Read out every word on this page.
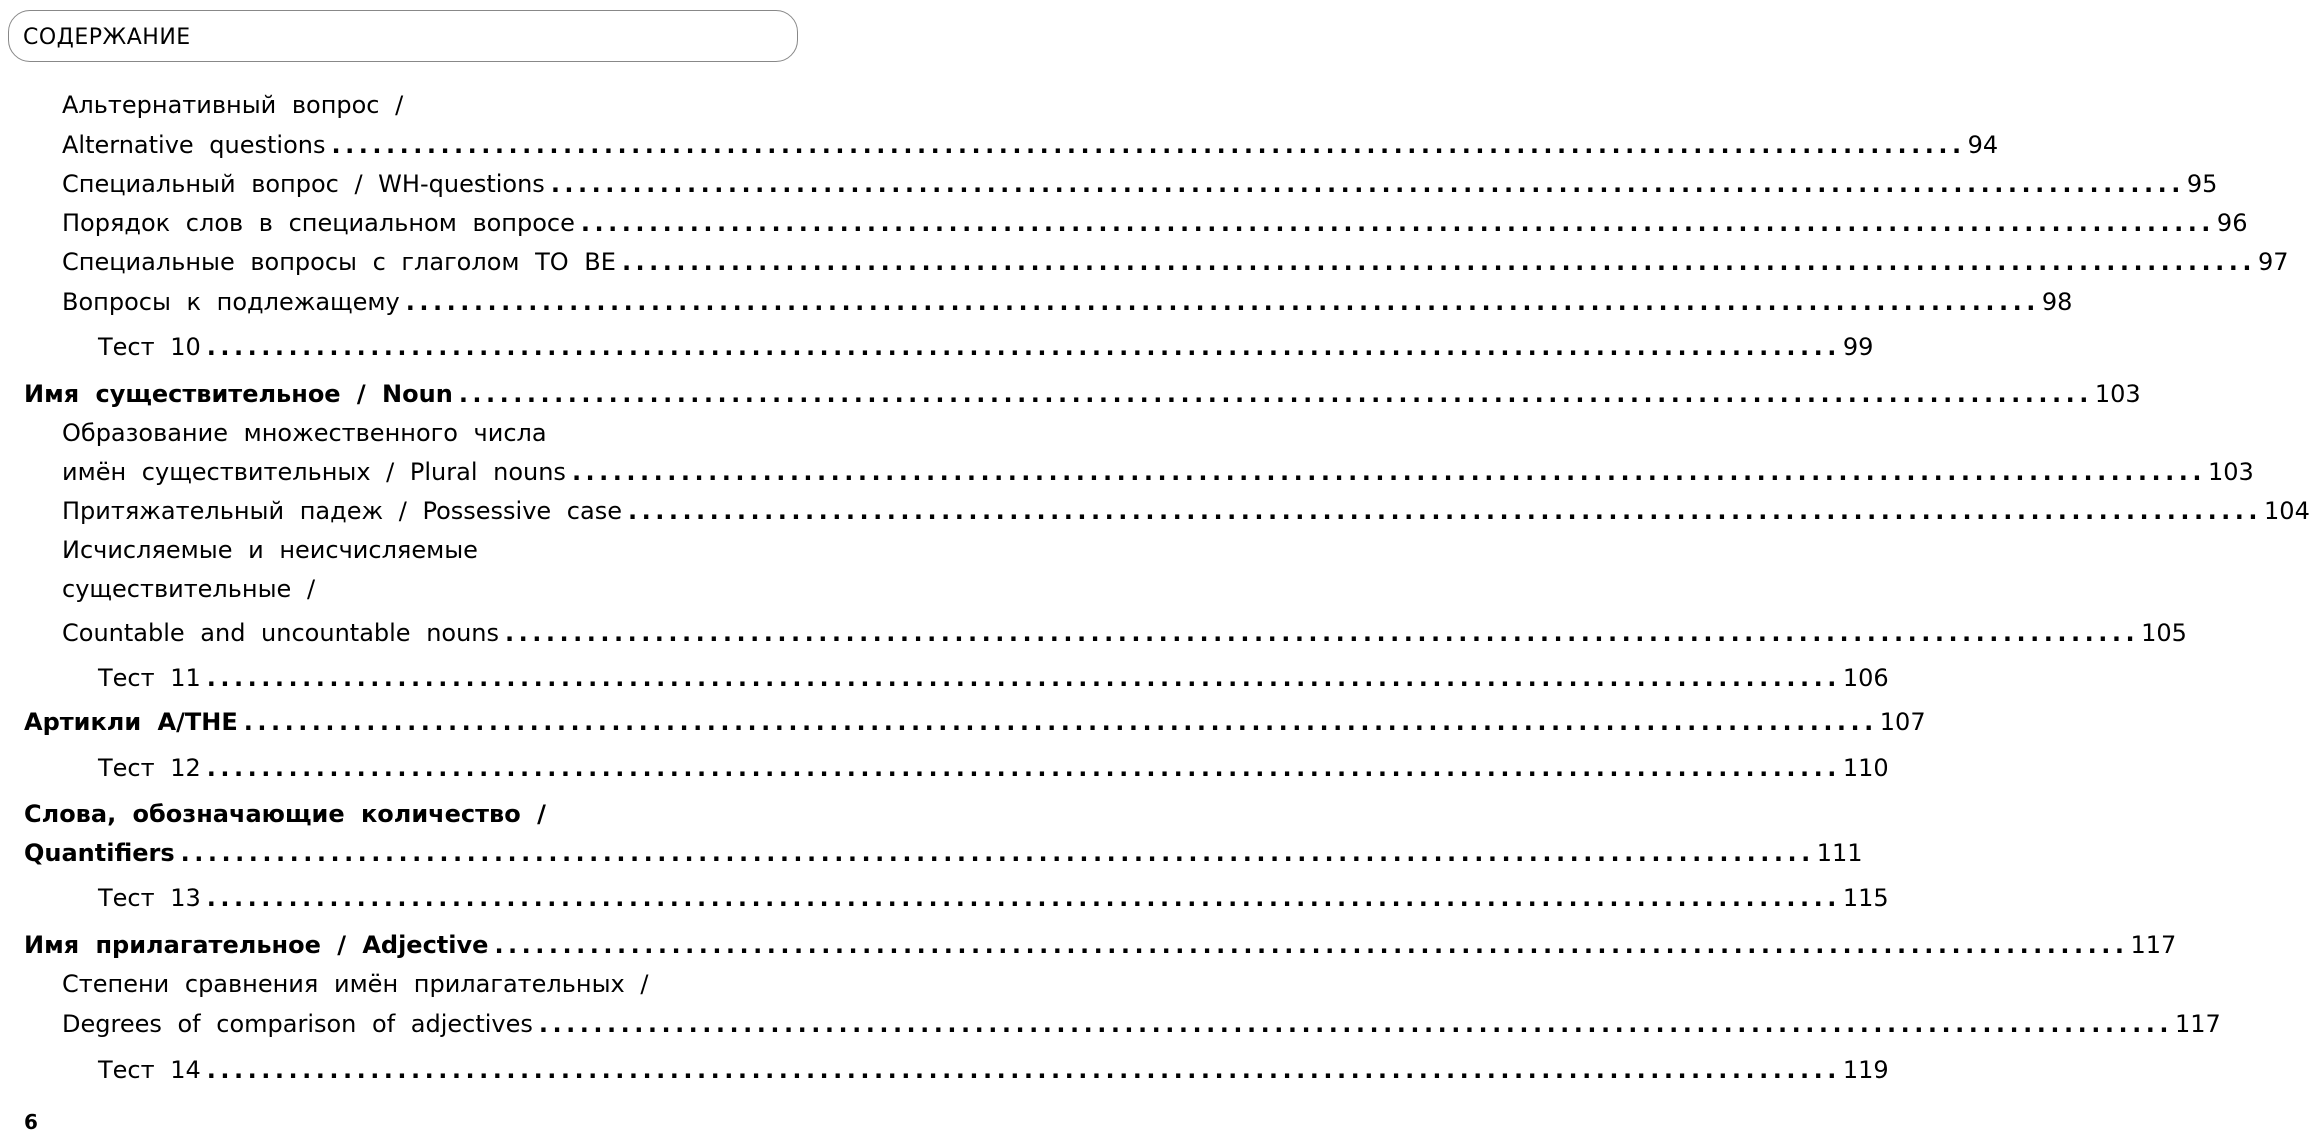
СОДЕРЖАНИЕ
Альтернативный вопрос /
Alternative questions ........................................................................................................................ 94
Специальный вопрос / WH-questions ........................................................................................................................ 95
Порядок слов в специальном вопросе ........................................................................................................................ 96
Специальные вопросы с глаголом TO BE ........................................................................................................................ 97
Вопросы к подлежащему ........................................................................................................................ 98
Тест 10 ........................................................................................................................ 99
Имя существительное / Noun ........................................................................................................................ 103
Образование множественного числа
имён существительных / Plural nouns ........................................................................................................................ 103
Притяжательный падеж / Possessive case ........................................................................................................................ 104
Исчисляемые и неисчисляемые
существительные /
Countable and uncountable nouns ........................................................................................................................ 105
Тест 11 ........................................................................................................................ 106
Артикли A/THE ........................................................................................................................ 107
Тест 12 ........................................................................................................................ 110
Слова, обозначающие количество /
Quantifiers ........................................................................................................................ 111
Тест 13 ........................................................................................................................ 115
Имя прилагательное / Adjective ........................................................................................................................ 117
Степени сравнения имён прилагательных /
Degrees of comparison of adjectives ........................................................................................................................ 117
Тест 14 ........................................................................................................................ 119
6
